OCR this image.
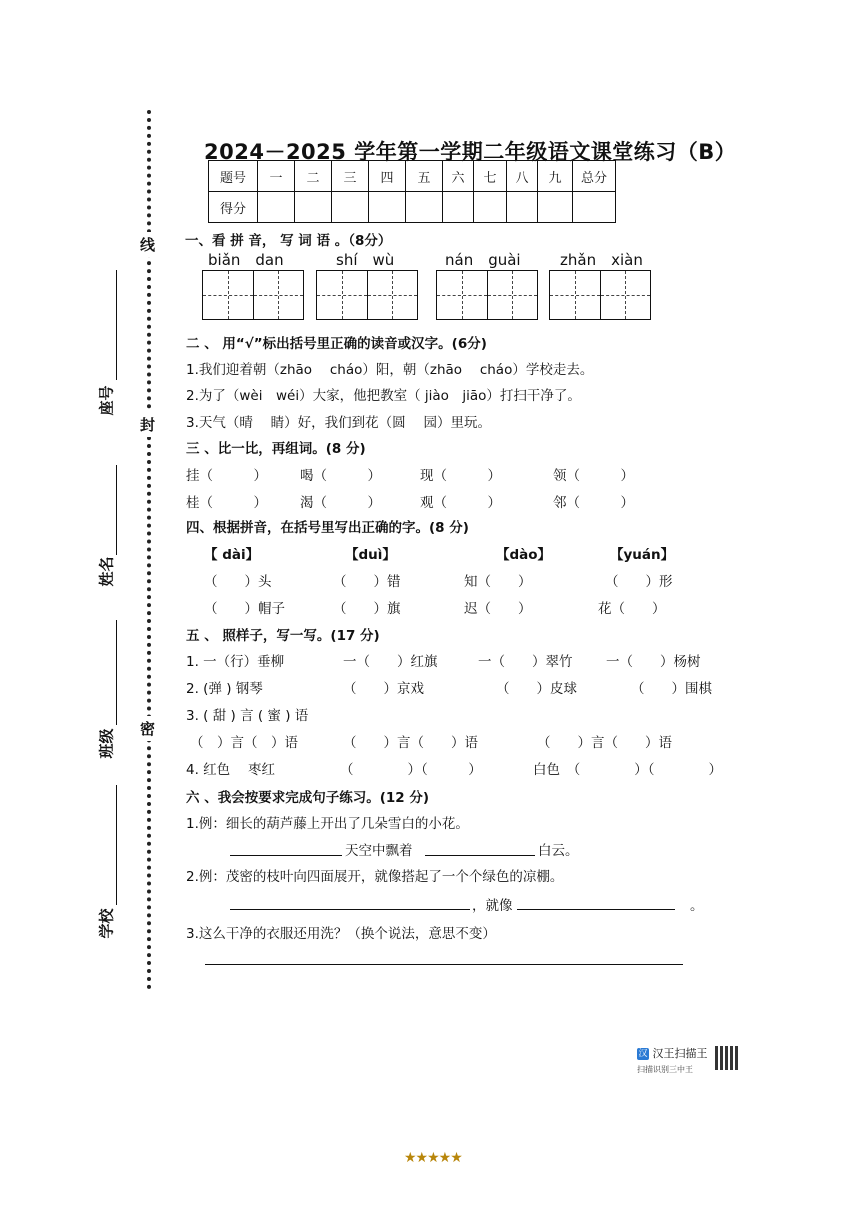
线
封
密
座号
姓名
班级
学校
2024－2025 学年第一学期二年级语文课堂练习（B）
题号	一	二	三	四	五	六	七	八	九	总分
得分										
一、看 拼 音， 写 词 语 。（8分）
biǎn　dan	shí　wù	nán　guài	zhǎn　xiàn
二 、 用“√”标出括号里正确的读音或汉字。(6分)
1.我们迎着朝（zhāo　 cháo）阳，朝（zhāo　 cháo）学校走去。
2.为了（wèi　wéi）大家，他把教室（ jiào　jiāo）打扫干净了。
3.天气（晴　 睛）好，我们到花（圆　 园）里玩。
三 、比一比，再组词。(8 分)
挂（　　　） 喝（　　　）	现（　　　）	领（　　　）
桂（　　　） 渴（　　　）	观（　　　）	邻（　　　）
四、根据拼音，在括号里写出正确的字。(8 分)
【 dài】	【duì】	【dào】	【yuán】
（　　）头	（　　）错	知（　　）	（　　）形
（　　）帽子	（　　）旗	迟（　　）	花（　　）
五 、 照样子，写一写。(17 分)
1. 一（行）垂柳	一（　　）红旗	一（　　）翠竹 一（　　）杨树
2. (弹 ) 钢琴	（　　）京戏	（　　）皮球	（　　）围棋
3. ( 甜 ) 言 ( 蜜 ) 语
（　）言（　）语	（　　）言（　　）语	（　　）言（　　）语
4. 红色　 枣红	（　　　　）（　　　）	白色　（　　　　）（　　　　）
六 、我会按要求完成句子练习。(12 分)
1.例：细长的葫芦藤上开出了几朵雪白的小花。
天空中飘着	白云。
2.例：茂密的枝叶向四面展开，就像搭起了一个个绿色的凉棚。
，就像	。
3.这么干净的衣服还用洗？（换个说法，意思不变）
汉 汉王扫描王
扫描识别三中王
★★★★★
